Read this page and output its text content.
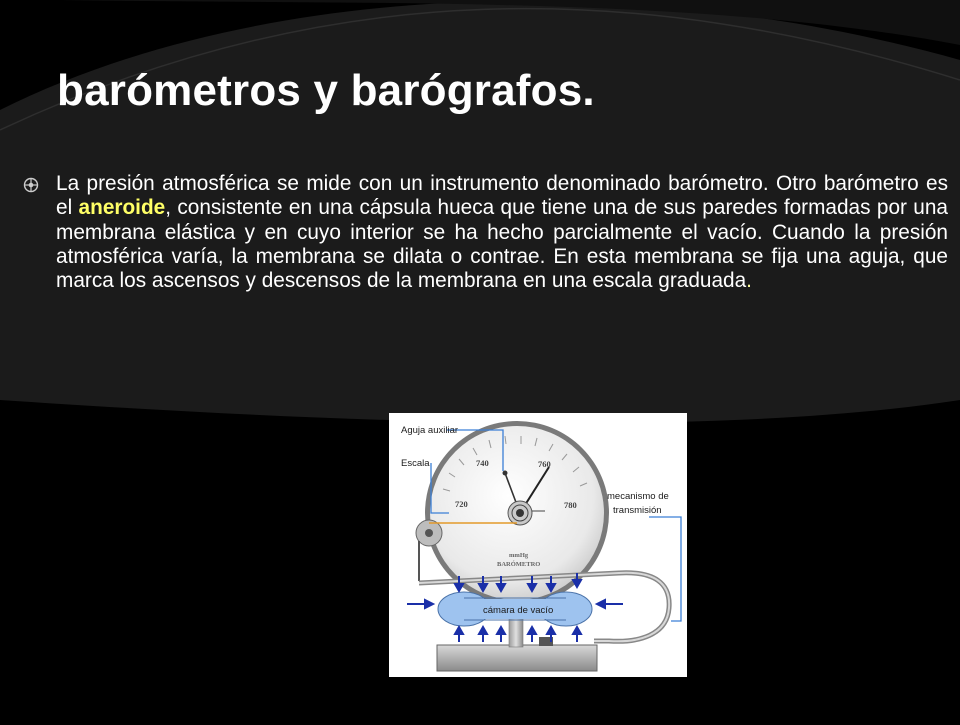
barómetros y barógrafos.

La presión atmosférica se mide con un instrumento denominado barómetro. Otro barómetro es el aneroide, consistente en una cápsula hueca que tiene una de sus paredes formadas por una membrana elástica y en cuyo interior se ha hecho parcialmente el vacío. Cuando la presión atmosférica varía, la membrana se dilata o contrae. En esta membrana se fija una aguja, que marca los ascensos y descensos de la membrana en una escala graduada.

740	760
720	780
mmHg
BARÓMETRO
cámara de vacío
Aguja auxiliar
Escala
mecanismo de
transmisión
